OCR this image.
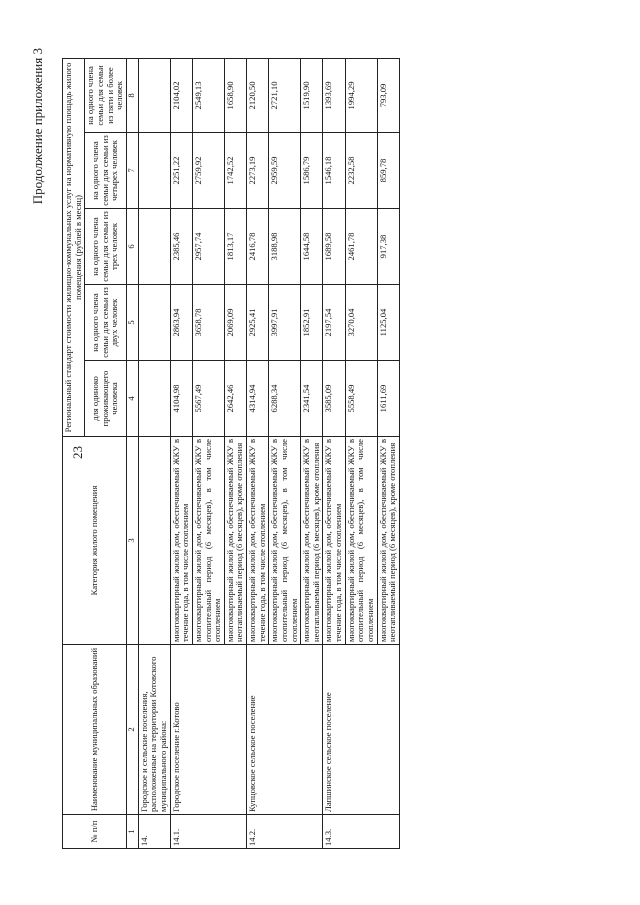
23
Продолжение приложения 3
№ п/п	Наименование муниципальных образований	Категория жилого помещения	Региональный стандарт стоимости жилищно-коммунальных услуг на нормативную площадь жилого помещения (рублей в месяц)				
			для одиноко проживающего человека	на одного члена семьи для семьи из двух человек	на одного члена семьи для семьи из трех человек	на одного члена семьи для семьи из четырех человек	на одного члена семьи для семьи из пяти и более человек
1	2	3	4	5	6	7	8
14.	Городское и сельские поселения, расположенные на территории Котовского муниципального района:						
14.1.	Городское поселение г.Котово	многоквартирный жилой дом, обеспечиваемый ЖКУ в течение года, в том числе отоплением	4104,98	2863,94	2385,46	2251,22	2104,02
		многоквартирный жилой дом, обеспечиваемый ЖКУ в отопительный период (6 месяцев), в том числе отоплением	5567,49	3658,78	2957,74	2759,92	2549,13
		многоквартирный жилой дом, обеспечиваемый ЖКУ в неотапливаемый период (6 месяцев), кроме отопления	2642,46	2069,09	1813,17	1742,52	1658,90
14.2.	Купцовское сельское поселение	многоквартирный жилой дом, обеспечиваемый ЖКУ в течение года, в том числе отоплением	4314,94	2925,41	2416,78	2273,19	2120,50
		многоквартирный жилой дом, обеспечиваемый ЖКУ в отопительный период (6 месяцев), в том числе отоплением	6288,34	3997,91	3188,98	2959,59	2721,10
		многоквартирный жилой дом, обеспечиваемый ЖКУ в неотапливаемый период (6 месяцев), кроме отопления	2341,54	1852,91	1644,58	1586,79	1519,90
14.3.	Лапшинское сельское поселение	многоквартирный жилой дом, обеспечиваемый ЖКУ в течение года, в том числе отоплением	3585,09	2197,54	1689,58	1546,18	1393,69
		многоквартирный жилой дом, обеспечиваемый ЖКУ в отопительный период (6 месяцев), в том числе отоплением	5558,49	3270,04	2461,78	2232,58	1994,29
		многоквартирный жилой дом, обеспечиваемый ЖКУ в неотапливаемый период (6 месяцев), кроме отопления	1611,69	1125,04	917,38	859,78	793,09
